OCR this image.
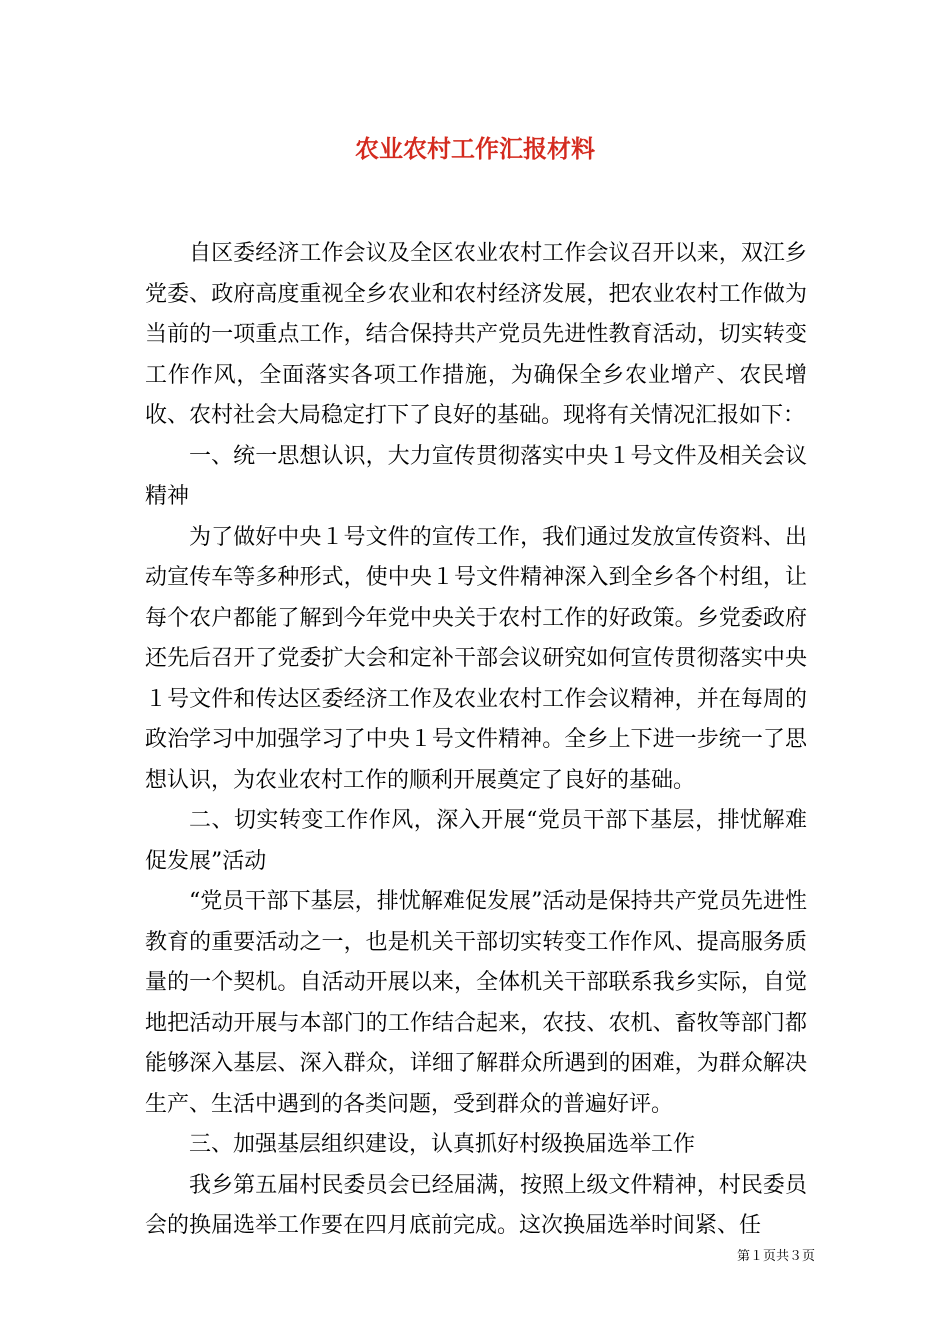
农业农村工作汇报材料

自区委经济工作会议及全区农业农村工作会议召开以来，双江乡党委、政府高度重视全乡农业和农村经济发展，把农业农村工作做为当前的一项重点工作，结合保持共产党员先进性教育活动，切实转变工作作风，全面落实各项工作措施，为确保全乡农业增产、农民增收、农村社会大局稳定打下了良好的基础。现将有关情况汇报如下：

一、统一思想认识，大力宣传贯彻落实中央１号文件及相关会议精神

为了做好中央１号文件的宣传工作，我们通过发放宣传资料、出动宣传车等多种形式，使中央１号文件精神深入到全乡各个村组，让每个农户都能了解到今年党中央关于农村工作的好政策。乡党委政府还先后召开了党委扩大会和定补干部会议研究如何宣传贯彻落实中央１号文件和传达区委经济工作及农业农村工作会议精神，并在每周的政治学习中加强学习了中央１号文件精神。全乡上下进一步统一了思想认识，为农业农村工作的顺利开展奠定了良好的基础。

二、切实转变工作作风，深入开展“党员干部下基层，排忧解难促发展”活动

“党员干部下基层，排忧解难促发展”活动是保持共产党员先进性教育的重要活动之一，也是机关干部切实转变工作作风、提高服务质量的一个契机。自活动开展以来，全体机关干部联系我乡实际，自觉地把活动开展与本部门的工作结合起来，农技、农机、畜牧等部门都能够深入基层、深入群众，详细了解群众所遇到的困难，为群众解决生产、生活中遇到的各类问题，受到群众的普遍好评。

三、加强基层组织建设，认真抓好村级换届选举工作

我乡第五届村民委员会已经届满，按照上级文件精神，村民委员会的换届选举工作要在四月底前完成。这次换届选举时间紧、任

第１页共３页
